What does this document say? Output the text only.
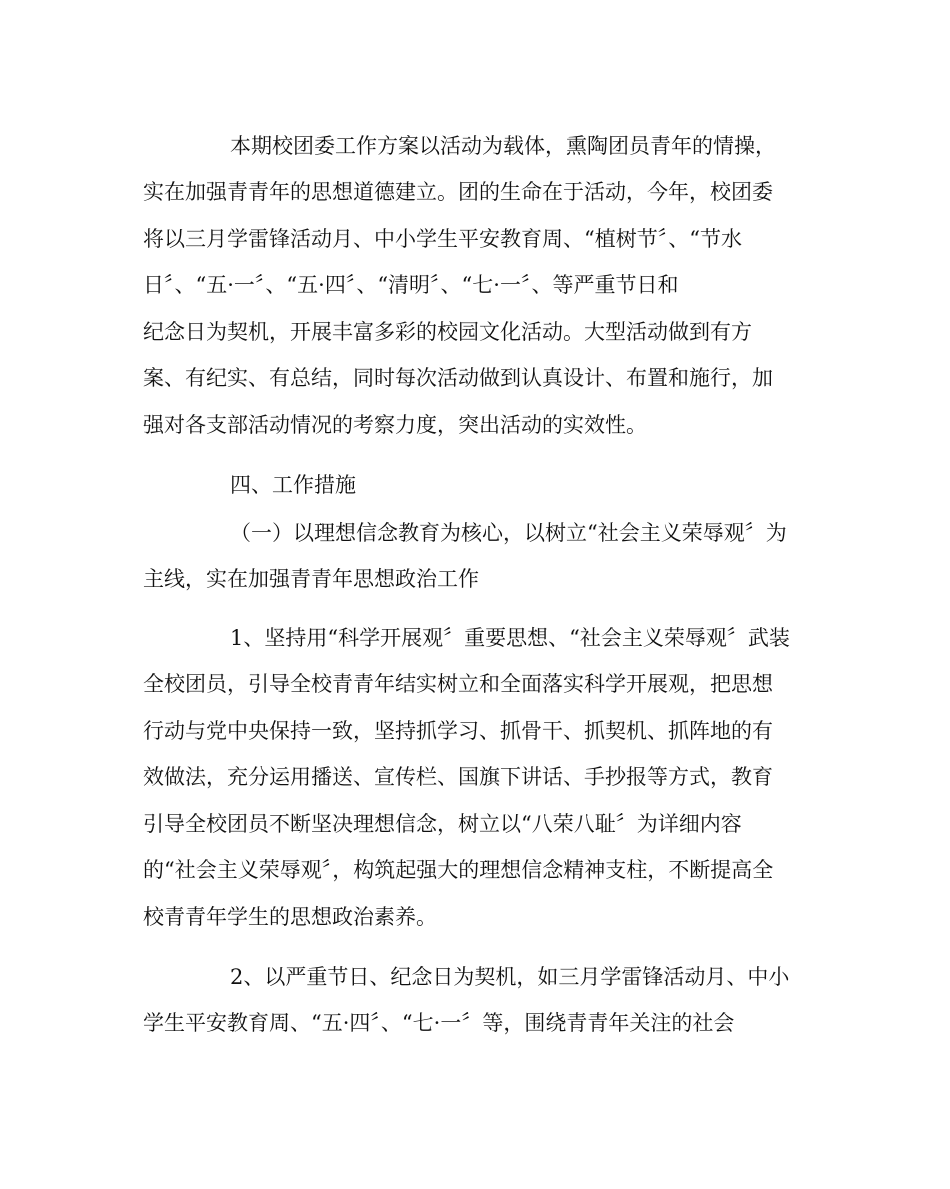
本期校团委工作方案以活动为载体，熏陶团员青年的情操，
实在加强青青年的思想道德建立。团的生命在于活动，今年，校团委
将以三月学雷锋活动月、中小学生平安教育周、“植树节〞、“节水
日〞、“五·一〞、“五·四〞、“清明〞、“七·一〞、等严重节日和
纪念日为契机，开展丰富多彩的校园文化活动。大型活动做到有方
案、有纪实、有总结，同时每次活动做到认真设计、布置和施行，加
强对各支部活动情况的考察力度，突出活动的实效性。
四、工作措施
（一）以理想信念教育为核心，以树立“社会主义荣辱观〞为
主线，实在加强青青年思想政治工作
1、坚持用“科学开展观〞重要思想、“社会主义荣辱观〞武装
全校团员，引导全校青青年结实树立和全面落实科学开展观，把思想
行动与党中央保持一致，坚持抓学习、抓骨干、抓契机、抓阵地的有
效做法，充分运用播送、宣传栏、国旗下讲话、手抄报等方式，教育
引导全校团员不断坚决理想信念，树立以“八荣八耻〞为详细内容
的“社会主义荣辱观〞，构筑起强大的理想信念精神支柱，不断提高全
校青青年学生的思想政治素养。
2、以严重节日、纪念日为契机，如三月学雷锋活动月、中小
学生平安教育周、“五·四〞、“七·一〞等，围绕青青年关注的社会
